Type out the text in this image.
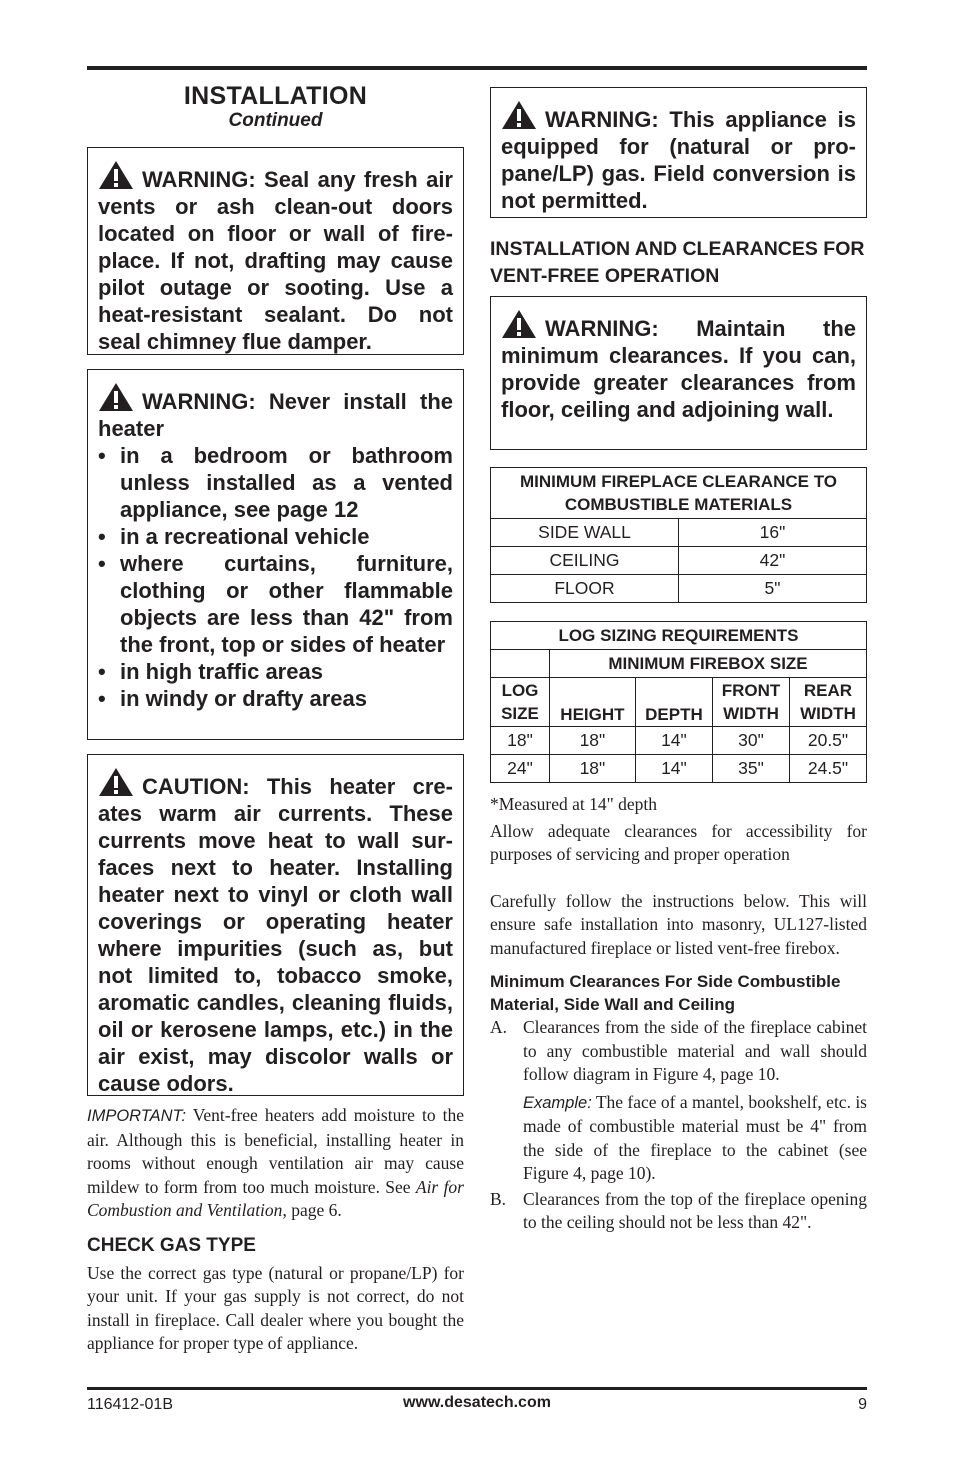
INSTALLATION
Continued
WARNING: Seal any fresh air vents or ash clean-out doors located on floor or wall of fireplace. If not, drafting may cause pilot outage or sooting. Use a heat-resistant sealant. Do not seal chimney flue damper.
WARNING: Never install the heater
• in a bedroom or bathroom unless installed as a vented appliance, see page 12
• in a recreational vehicle
• where curtains, furniture, clothing or other flammable objects are less than 42" from the front, top or sides of heater
• in high traffic areas
• in windy or drafty areas
CAUTION: This heater creates warm air currents. These currents move heat to wall surfaces next to heater. Installing heater next to vinyl or cloth wall coverings or operating heater where impurities (such as, but not limited to, tobacco smoke, aromatic candles, cleaning fluids, oil or kerosene lamps, etc.) in the air exist, may discolor walls or cause odors.
IMPORTANT: Vent-free heaters add moisture to the air. Although this is beneficial, installing heater in rooms without enough ventilation air may cause mildew to form from too much moisture. See Air for Combustion and Ventilation, page 6.
CHECK GAS TYPE
Use the correct gas type (natural or propane/LP) for your unit. If your gas supply is not correct, do not install in fireplace. Call dealer where you bought the appliance for proper type of appliance.
WARNING: This appliance is equipped for (natural or propane/LP) gas. Field conversion is not permitted.
INSTALLATION AND CLEARANCES FOR VENT-FREE OPERATION
WARNING: Maintain the minimum clearances. If you can, provide greater clearances from floor, ceiling and adjoining wall.
MINIMUM FIREPLACE CLEARANCE TO COMBUSTIBLE MATERIALS	
SIDE WALL	16"
CEILING	42"
FLOOR	5"
LOG SIZING REQUIREMENTS				
	MINIMUM FIREBOX SIZE			
LOG SIZE	HEIGHT	DEPTH	FRONT WIDTH	REAR WIDTH
18"	18"	14"	30"	20.5"
24"	18"	14"	35"	24.5"
*Measured at 14" depth
Allow adequate clearances for accessibility for purposes of servicing and proper operation
Carefully follow the instructions below. This will ensure safe installation into masonry, UL127-listed manufactured fireplace or listed vent-free firebox.
Minimum Clearances For Side Combustible Material, Side Wall and Ceiling
A. Clearances from the side of the fireplace cabinet to any combustible material and wall should follow diagram in Figure 4, page 10.
Example: The face of a mantel, bookshelf, etc. is made of combustible material must be 4" from the side of the fireplace to the cabinet (see Figure 4, page 10).
B. Clearances from the top of the fireplace opening to the ceiling should not be less than 42".
116412-01B	www.desatech.com	9
